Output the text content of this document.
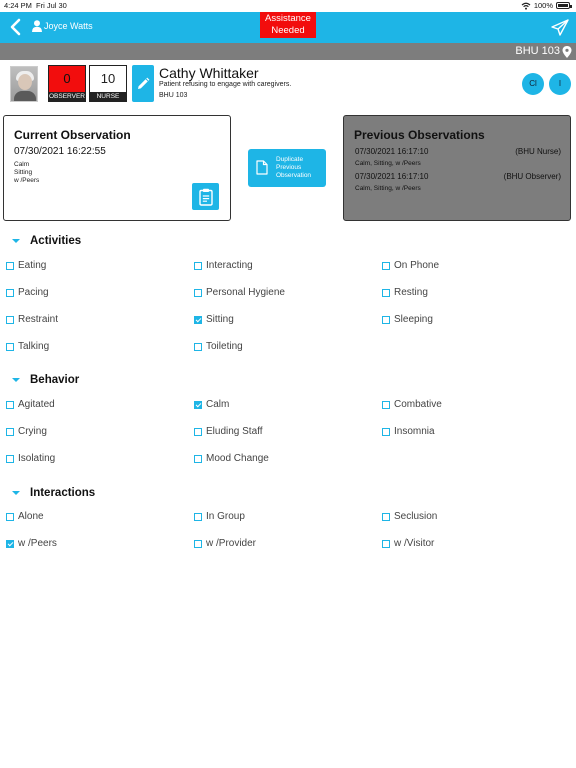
4:24 PM Fri Jul 30	100%
Joyce Watts
Assistance
Needed
BHU 103
0
OBSERVER
10
NURSE
Cathy Whittaker
Patient refusing to engage with caregivers.
BHU 103
Cl	I
Current Observation
07/30/2021 16:22:55
Calm
Sitting
w /Peers
Duplicate
Previous
Observation
Previous Observations
07/30/2021 16:17:10	(BHU Nurse)
Calm, Sitting, w /Peers
07/30/2021 16:17:10	(BHU Observer)
Calm, Sitting, w /Peers
Activities
Eating	Interacting	On Phone
Pacing	Personal Hygiene	Resting
Restraint	Sitting	Sleeping
Talking	Toileting
Behavior
Agitated	Calm	Combative
Crying	Eluding Staff	Insomnia
Isolating	Mood Change
Interactions
Alone	In Group	Seclusion
w /Peers	w /Provider	w /Visitor
